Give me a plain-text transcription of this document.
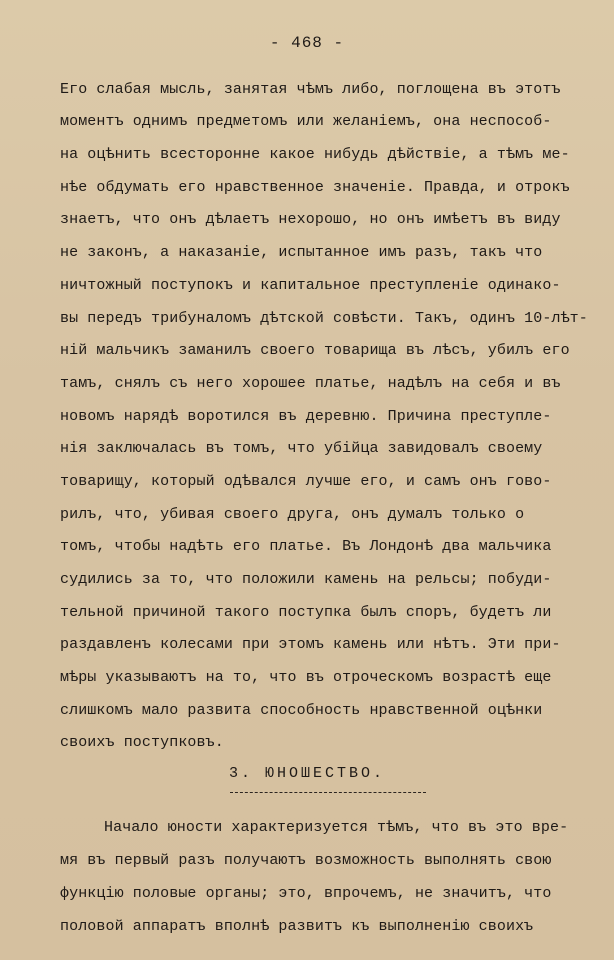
- 468 -
Его слабая мысль, занятая чѣмъ либо, поглощена въ этотъ
моментъ однимъ предметомъ или желаніемъ, она неспособ-
на оцѣнить всесторонне какое нибудь дѣйствіе, а тѣмъ ме-
нѣе обдумать его нравственное значеніе. Правда, и отрокъ
знаетъ, что онъ дѣлаетъ нехорошо, но онъ имѣетъ въ виду
не законъ, а наказаніе, испытанное имъ разъ, такъ что
ничтожный поступокъ и капитальное преступленіе одинако-
вы передъ трибуналомъ дѣтской совѣсти. Такъ, одинъ 10-лѣт-
ній мальчикъ заманилъ своего товарища въ лѣсъ, убилъ его
тамъ, снялъ съ него хорошее платье, надѣлъ на себя и въ
новомъ нарядѣ воротился въ деревню. Причина преступле-
нія заключалась въ томъ, что убійца завидовалъ своему
товарищу, который одѣвался лучше его, и самъ онъ гово-
рилъ, что, убивая своего друга, онъ думалъ только о
томъ, чтобы надѣть его платье. Въ Лондонѣ два мальчика
судились за то, что положили камень на рельсы; побуди-
тельной причиной такого поступка былъ споръ, будетъ ли
раздавленъ колесами при этомъ камень или нѣтъ. Эти при-
мѣры указываютъ на то, что въ отроческомъ возрастѣ еще
слишкомъ мало развита способность нравственной оцѣнки
своихъ поступковъ.
3. ЮНОШЕСТВО.
Начало юности характеризуется тѣмъ, что въ это вре-
мя въ первый разъ получаютъ возможность выполнять свою
функцію половые органы; это, впрочемъ, не значитъ, что
половой аппаратъ вполнѣ развитъ къ выполненію своихъ
